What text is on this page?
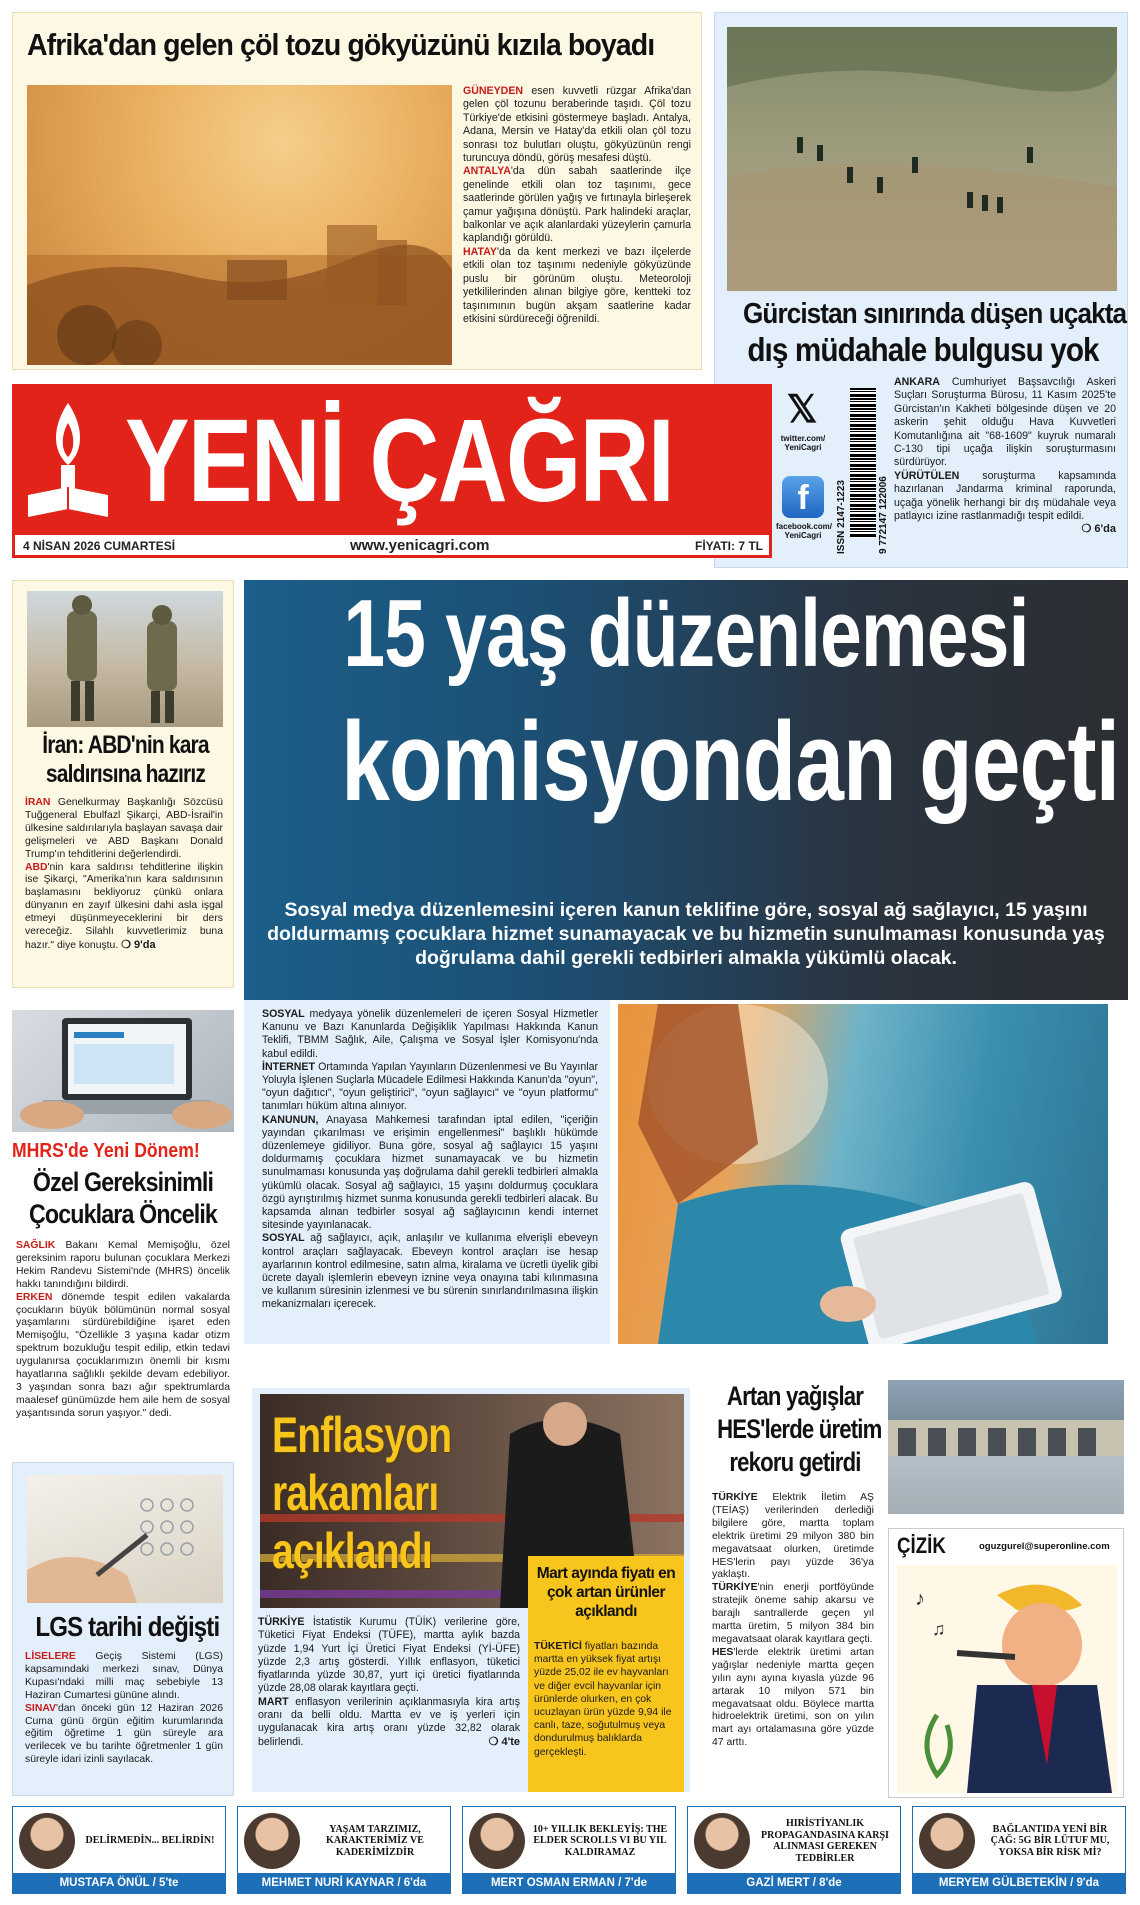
Afrika'dan gelen çöl tozu gökyüzünü kızıla boyadı
GÜNEYDEN esen kuvvetli rüzgar Afrika'dan gelen çöl tozunu beraberinde taşıdı. Çöl tozu Türkiye'de etkisini göstermeye başladı. Antalya, Adana, Mersin ve Hatay'da etkili olan çöl tozu sonrası toz bulutları oluştu, gökyüzünün rengi turuncuya döndü, görüş mesafesi düştü.
ANTALYA'da dün sabah saatlerinde ilçe genelinde etkili olan toz taşınımı, gece saatlerinde görülen yağış ve fırtınayla birleşerek çamur yağışına dönüştü. Park halindeki araçlar, balkonlar ve açık alanlardaki yüzeylerin çamurla kaplandığı görüldü.
HATAY'da da kent merkezi ve bazı ilçelerde etkili olan toz taşınımı nedeniyle gökyüzünde puslu bir görünüm oluştu. Meteoroloji yetkililerinden alınan bilgiye göre, kentteki toz taşınımının bugün akşam saatlerine kadar etkisini sürdüreceği öğrenildi.	Gürcistan sınırında düşen uçakta
dış müdahale bulgusu yok
ANKARA Cumhuriyet Başsavcılığı Askeri Suçları Soruşturma Bürosu, 11 Kasım 2025'te Gürcistan'ın Kakheti bölgesinde düşen ve 20 askerin şehit olduğu Hava Kuvvetleri Komutanlığına ait "68-1609" kuyruk numaralı C-130 tipi uçağa ilişkin soruşturmasını sürdürüyor.
YÜRÜTÜLEN soruşturma kapsamında hazırlanan Jandarma kriminal raporunda, uçağa yönelik herhangi bir dış müdahale veya patlayıcı izine rastlanmadığı tespit edildi.
❍ 6'da
YENİ ÇAĞRI
4 NİSAN 2026 CUMARTESİ	www.yenicagri.com	FİYATI: 7 TL
𝕏
twitter.com/ YeniCagri
f
facebook.com/ YeniCagri	ISSN 2147-1223	9 772147 122006
İran: ABD'nin kara saldırısına hazırız
İRAN Genelkurmay Başkanlığı Sözcüsü Tuğgeneral Ebulfazl Şikarçi, ABD-İsrail'in ülkesine saldırılarıyla başlayan savaşa dair gelişmeleri ve ABD Başkanı Donald Trump'ın tehditlerini değerlendirdi.
ABD'nin kara saldırısı tehditlerine ilişkin ise Şikarçi, "Amerika'nın kara saldırısının başlamasını bekliyoruz çünkü onlara dünyanın en zayıf ülkesini dahi asla işgal etmeyi düşünmeyeceklerini bir ders vereceğiz. Silahlı kuvvetlerimiz buna hazır." diye konuştu. ❍ 9'da
MHRS'de Yeni Dönem!
Özel Gereksinimli
Çocuklara Öncelik
SAĞLIK Bakanı Kemal Memişoğlu, özel gereksinim raporu bulunan çocuklara Merkezi Hekim Randevu Sistemi'nde (MHRS) öncelik hakkı tanındığını bildirdi.
ERKEN dönemde tespit edilen vakalarda çocukların büyük bölümünün normal sosyal yaşamlarını sürdürebildiğine işaret eden Memişoğlu, "Özellikle 3 yaşına kadar otizm spektrum bozukluğu tespit edilip, etkin tedavi uygulanırsa çocuklarımızın önemli bir kısmı hayatlarına sağlıklı şekilde devam edebiliyor. 3 yaşından sonra bazı ağır spektrumlarda maalesef günümüzde hem aile hem de sosyal yaşantısında sorun yaşıyor." dedi.
LGS tarihi değişti
LİSELERE Geçiş Sistemi (LGS) kapsamındaki merkezi sınav, Dünya Kupası'ndaki milli maç sebebiyle 13 Haziran Cumartesi gününe alındı.
SINAV'dan önceki gün 12 Haziran 2026 Cuma günü örgün eğitim kurumlarında eğitim öğretime 1 gün süreyle ara verilecek ve bu tarihte öğretmenler 1 gün süreyle idari izinli sayılacak.
15 yaş düzenlemesi
komisyondan geçti
Sosyal medya düzenlemesini içeren kanun teklifine göre, sosyal ağ sağlayıcı, 15 yaşını doldurmamış çocuklara hizmet sunamayacak ve bu hizmetin sunulmaması konusunda yaş doğrulama dahil gerekli tedbirleri almakla yükümlü olacak.
SOSYAL medyaya yönelik düzenlemeleri de içeren Sosyal Hizmetler Kanunu ve Bazı Kanunlarda Değişiklik Yapılması Hakkında Kanun Teklifi, TBMM Sağlık, Aile, Çalışma ve Sosyal İşler Komisyonu'nda kabul edildi.
İNTERNET Ortamında Yapılan Yayınların Düzenlenmesi ve Bu Yayınlar Yoluyla İşlenen Suçlarla Mücadele Edilmesi Hakkında Kanun'da "oyun", "oyun dağıtıcı", "oyun geliştirici", "oyun sağlayıcı" ve "oyun platformu" tanımları hüküm altına alınıyor.
KANUNUN, Anayasa Mahkemesi tarafından iptal edilen, "içeriğin yayından çıkarılması ve erişimin engellenmesi" başlıklı hükümde düzenlemeye gidiliyor. Buna göre, sosyal ağ sağlayıcı 15 yaşını doldurmamış çocuklara hizmet sunamayacak ve bu hizmetin sunulmaması konusunda yaş doğrulama dahil gerekli tedbirleri almakla yükümlü olacak. Sosyal ağ sağlayıcı, 15 yaşını doldurmuş çocuklara özgü ayrıştırılmış hizmet sunma konusunda gerekli tedbirleri alacak. Bu kapsamda alınan tedbirler sosyal ağ sağlayıcının kendi internet sitesinde yayınlanacak.
SOSYAL ağ sağlayıcı, açık, anlaşılır ve kullanıma elverişli ebeveyn kontrol araçları sağlayacak. Ebeveyn kontrol araçları ise hesap ayarlarının kontrol edilmesine, satın alma, kiralama ve ücretli üyelik gibi ücrete dayalı işlemlerin ebeveyn iznine veya onayına tabi kılınmasına ve kullanım süresinin izlenmesi ve bu sürenin sınırlandırılmasına ilişkin mekanizmaları içerecek.
Enflasyon
rakamları
açıklandı
TÜRKİYE İstatistik Kurumu (TÜİK) verilerine göre, Tüketici Fiyat Endeksi (TÜFE), martta aylık bazda yüzde 1,94 Yurt İçi Üretici Fiyat Endeksi (Yİ-ÜFE) yüzde 2,3 artış gösterdi. Yıllık enflasyon, tüketici fiyatlarında yüzde 30,87, yurt içi üretici fiyatlarında yüzde 28,08 olarak kayıtlara geçti.
MART enflasyon verilerinin açıklanmasıyla kira artış oranı da belli oldu. Martta ev ve iş yerleri için uygulanacak kira artış oranı yüzde 32,82 olarak belirlendi.	❍ 4'te
Mart ayında fiyatı en çok artan ürünler açıklandı
TÜKETİCİ fiyatları bazında martta en yüksek fiyat artışı yüzde 25,02 ile ev hayvanları ve diğer evcil hayvanlar için ürünlerde olurken, en çok ucuzlayan ürün yüzde 9,94 ile canlı, taze, soğutulmuş veya dondurulmuş balıklarda gerçekleşti.
Artan yağışlar
HES'lerde üretim
rekoru getirdi
TÜRKİYE Elektrik İletim AŞ (TEİAŞ) verilerinden derlediği bilgilere göre, martta toplam elektrik üretimi 29 milyon 380 bin megavatsaat olurken, üretimde HES'lerin payı yüzde 36'ya yaklaştı.
TÜRKİYE'nin enerji portföyünde stratejik öneme sahip akarsu ve barajlı santrallerde geçen yıl martta üretim, 5 milyon 384 bin megavatsaat olarak kayıtlara geçti.
HES'lerde elektrik üretimi artan yağışlar nedeniyle martta geçen yılın aynı ayına kıyasla yüzde 96 artarak 10 milyon 571 bin megavatsaat oldu. Böylece martta hidroelektrik üretimi, son on yılın mart ayı ortalamasına göre yüzde 47 arttı.
ÇİZİK	oguzgurel@superonline.com
♪
♫
DELİRMEDİN... BELİRDİN!
MUSTAFA ÖNÜL / 5'te
YAŞAM TARZIMIZ, KARAKTERİMİZ VE KADERİMİZDİR
MEHMET NURİ KAYNAR / 6'da
10+ YILLIK BEKLEYİŞ: THE ELDER SCROLLS VI BU YIL KALDIRAMAZ
MERT OSMAN ERMAN / 7'de
HIRİSTİYANLIK PROPAGANDASINA KARŞI ALINMASI GEREKEN TEDBİRLER
GAZİ MERT / 8'de
BAĞLANTIDA YENİ BİR ÇAĞ: 5G BİR LÜTUF MU, YOKSA BİR RİSK Mİ?
MERYEM GÜLBETEKİN / 9'da
